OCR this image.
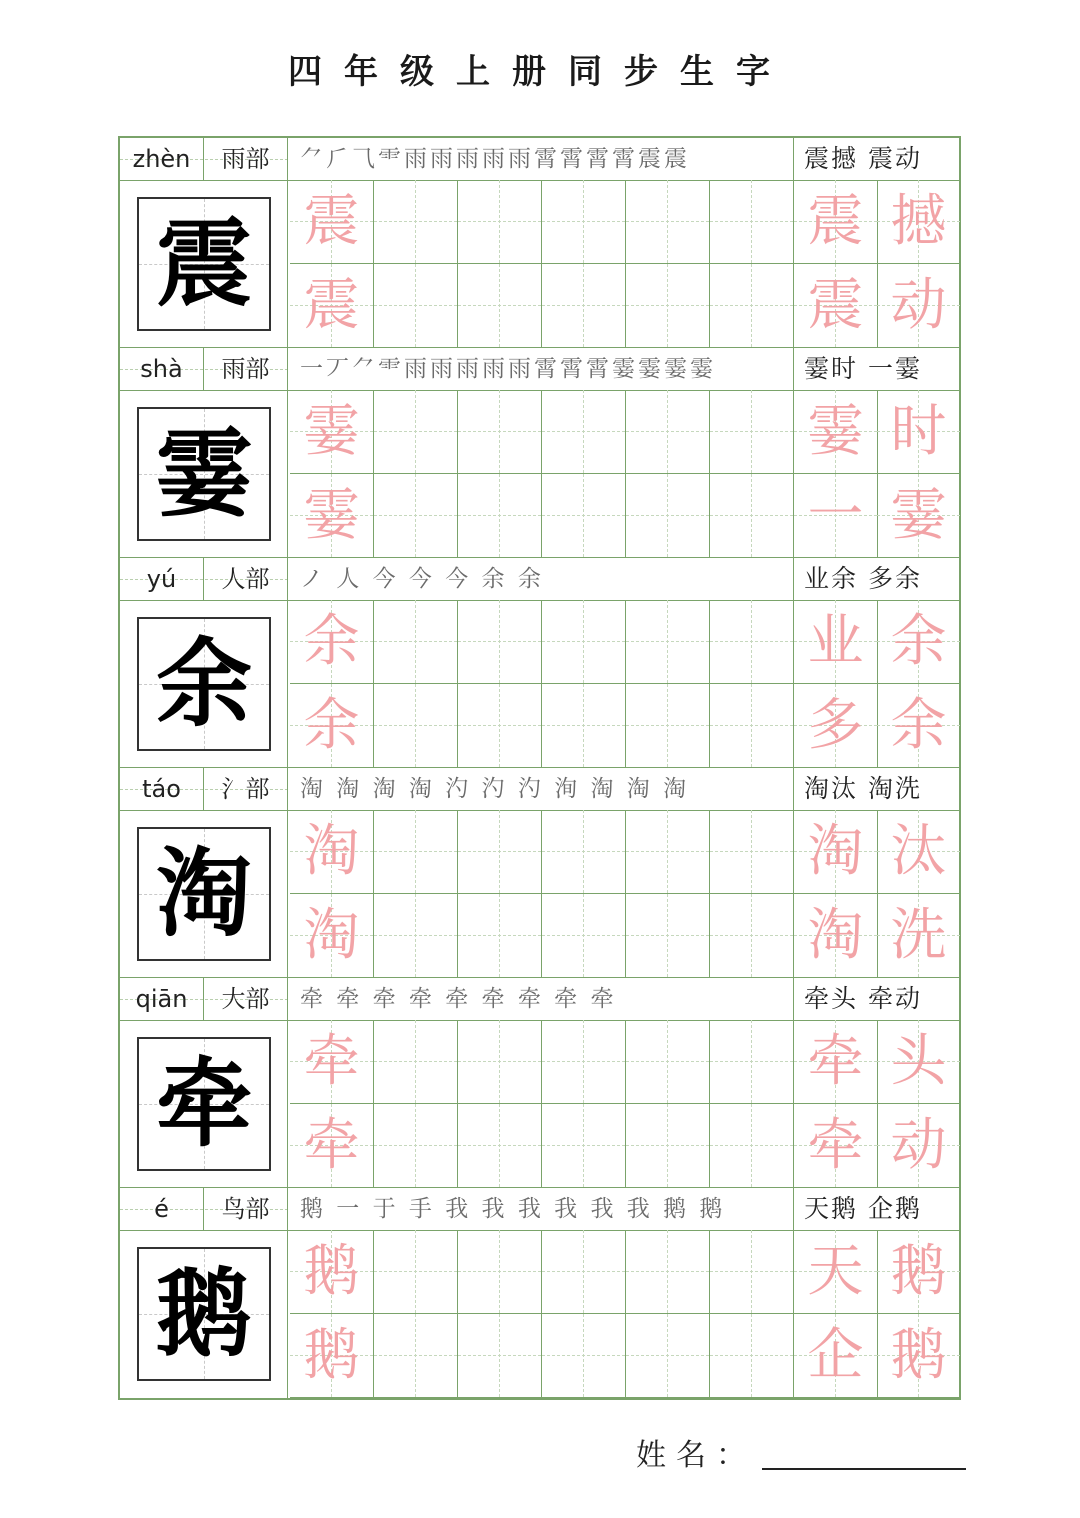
四年级上册同步生字
zhèn	雨部	⺈⺁⺄⻗雨雨雨雨雨霄霄霄霄震震	震撼 震动
震 震
震
震 撼
震 动
shà	雨部	一丆⺈⻗雨雨雨雨雨霄霄霄霎霎霎霎	霎时 一霎
霎 霎
霎
霎 时
一 霎
yú	人部	ノ 人 今 今 今 余 余	业余 多余
余 余
余
业 余
多 余
táo	氵部	淘 淘 淘 淘 汋 汋 汋 洵 淘 淘 淘	淘汰 淘洗
淘 淘
淘
淘 汰
淘 洗
qiān	大部	牵 牵 牵 牵 牵 牵 牵 牵 牵	牵头 牵动
牵 牵
牵
牵 头
牵 动
é	鸟部	鹅 一 于 手 我 我 我 我 我 我 鹅 鹅	天鹅 企鹅
鹅 鹅
鹅
天 鹅
企 鹅
姓名：
